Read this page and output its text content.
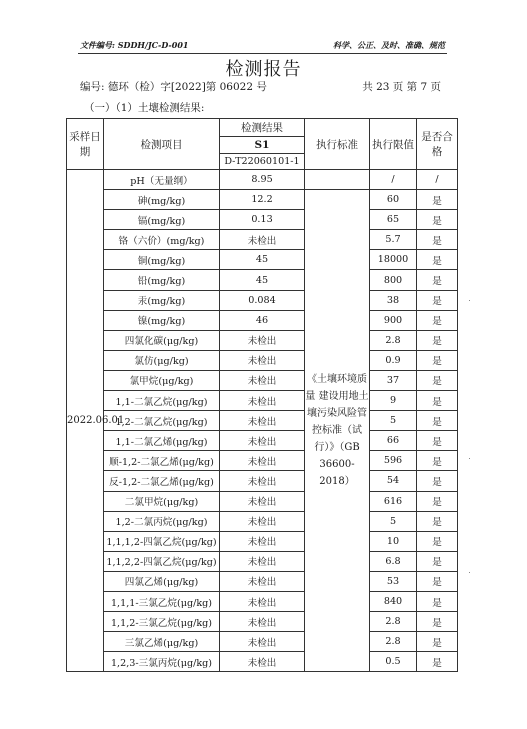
文件编号: SDDH/JC-D-001	科学、公正、及时、准确、规范
检测报告
编号: 德环（检）字[2022]第 06022 号	共 23 页 第 7 页
（一）（1）土壤检测结果:
采样日期	检测项目	检测结果	执行标准	执行限值	是否合格
		S1			
		D-T22060101-1			
2022.06.01	pH（无量纲）	8.95		/	/
	砷(mg/kg)	12.2	《土壤环境质量 建设用地土壤污染风险管控标准（试行）》（GB 36600-2018）	60	是
	镉(mg/kg)	0.13		65	是
	铬（六价）(mg/kg)	未检出		5.7	是
	铜(mg/kg)	45		18000	是
	铅(mg/kg)	45		800	是
	汞(mg/kg)	0.084		38	是
	镍(mg/kg)	46		900	是
	四氯化碳(μg/kg)	未检出		2.8	是
	氯仿(μg/kg)	未检出		0.9	是
	氯甲烷(μg/kg)	未检出		37	是
	1,1-二氯乙烷(μg/kg)	未检出		9	是
	1,2-二氯乙烷(μg/kg)	未检出		5	是
	1,1-二氯乙烯(μg/kg)	未检出		66	是
	顺-1,2-二氯乙烯(μg/kg)	未检出		596	是
	反-1,2-二氯乙烯(μg/kg)	未检出		54	是
	二氯甲烷(μg/kg)	未检出		616	是
	1,2-二氯丙烷(μg/kg)	未检出		5	是
	1,1,1,2-四氯乙烷(μg/kg)	未检出		10	是
	1,1,2,2-四氯乙烷(μg/kg)	未检出		6.8	是
	四氯乙烯(μg/kg)	未检出		53	是
	1,1,1-三氯乙烷(μg/kg)	未检出		840	是
	1,1,2-三氯乙烷(μg/kg)	未检出		2.8	是
	三氯乙烯(μg/kg)	未检出		2.8	是
	1,2,3-三氯丙烷(μg/kg)	未检出		0.5	是
